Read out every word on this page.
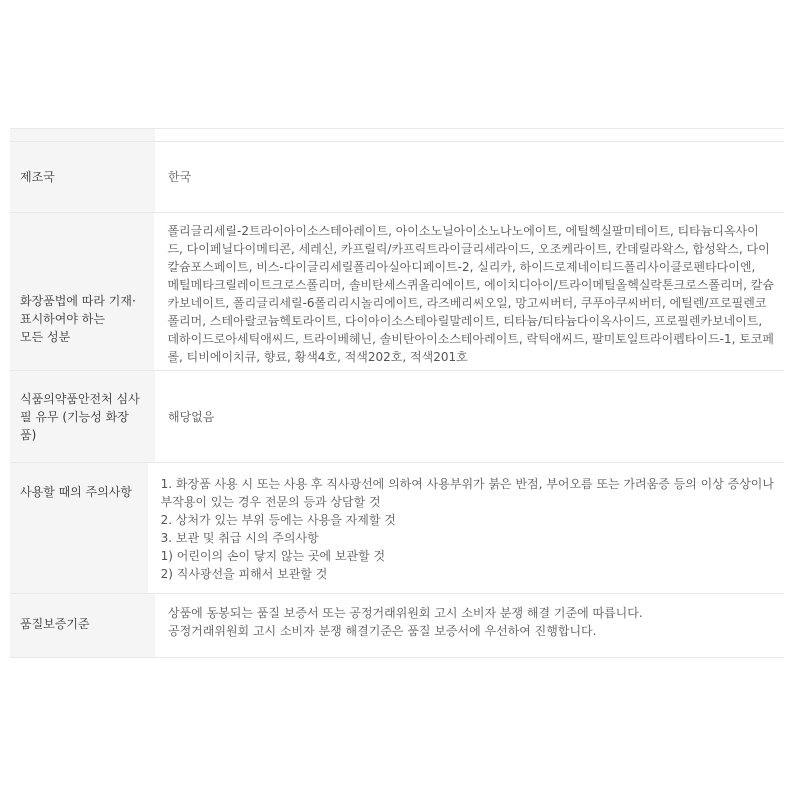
제조국	한국
화장품법에 따라 기재·
표시하여야 하는
모든 성분
폴리글리세릴-2트라이아이소스테아레이트, 아이소노닐아이소노나노에이트, 에틸헥실팔미테이트, 티타늄디옥사이
드, 다이페닐다이메티콘, 세레신, 카프릴릭/카프릭트라이글리세라이드, 오조케라이트, 칸데릴라왁스, 합성왁스, 다이
칼슘포스페이트, 비스-다이글리세릴폴리아실아디페이트-2, 실리카, 하이드로제네이티드폴리사이클로펜타다이엔,
메틸메타크릴레이트크로스폴리머, 솔비탄세스퀴올리에이트, 에이치디아이/트라이메틸올헥실락톤크로스폴리머, 칼슘
카보네이트, 폴리글리세릴-6폴리리시놀리에이트, 라즈베리씨오일, 망고씨버터, 쿠푸아쿠씨버터, 에틸렌/프로필렌코
폴리머, 스테아랄코늄헥토라이트, 다이아이소스테아릴말레이트, 티타늄/티타늄다이옥사이드, 프로필렌카보네이트,
데하이드로아세틱애씨드, 트라이베헤닌, 솔비탄아이소스테아레이트, 락틱애씨드, 팔미토일트라이펩타이드-1, 토코페
롤, 티비에이치큐, 향료, 황색4호, 적색202호, 적색201호
식품의약품안전처 심사
필 유무 (기능성 화장
품)
해당없음
사용할 때의 주의사항
1. 화장품 사용 시 또는 사용 후 직사광선에 의하여 사용부위가 붉은 반점, 부어오름 또는 가려움증 등의 이상 증상이나
부작용이 있는 경우 전문의 등과 상담할 것
2. 상처가 있는 부위 등에는 사용을 자제할 것
3. 보관 및 취급 시의 주의사항
1) 어린이의 손이 닿지 않는 곳에 보관할 것
2) 직사광선을 피해서 보관할 것
품질보증기준
상품에 동봉되는 품질 보증서 또는 공정거래위원회 고시 소비자 분쟁 해결 기준에 따릅니다.
공정거래위원회 고시 소비자 분쟁 해결기준은 품질 보증서에 우선하여 진행합니다.
